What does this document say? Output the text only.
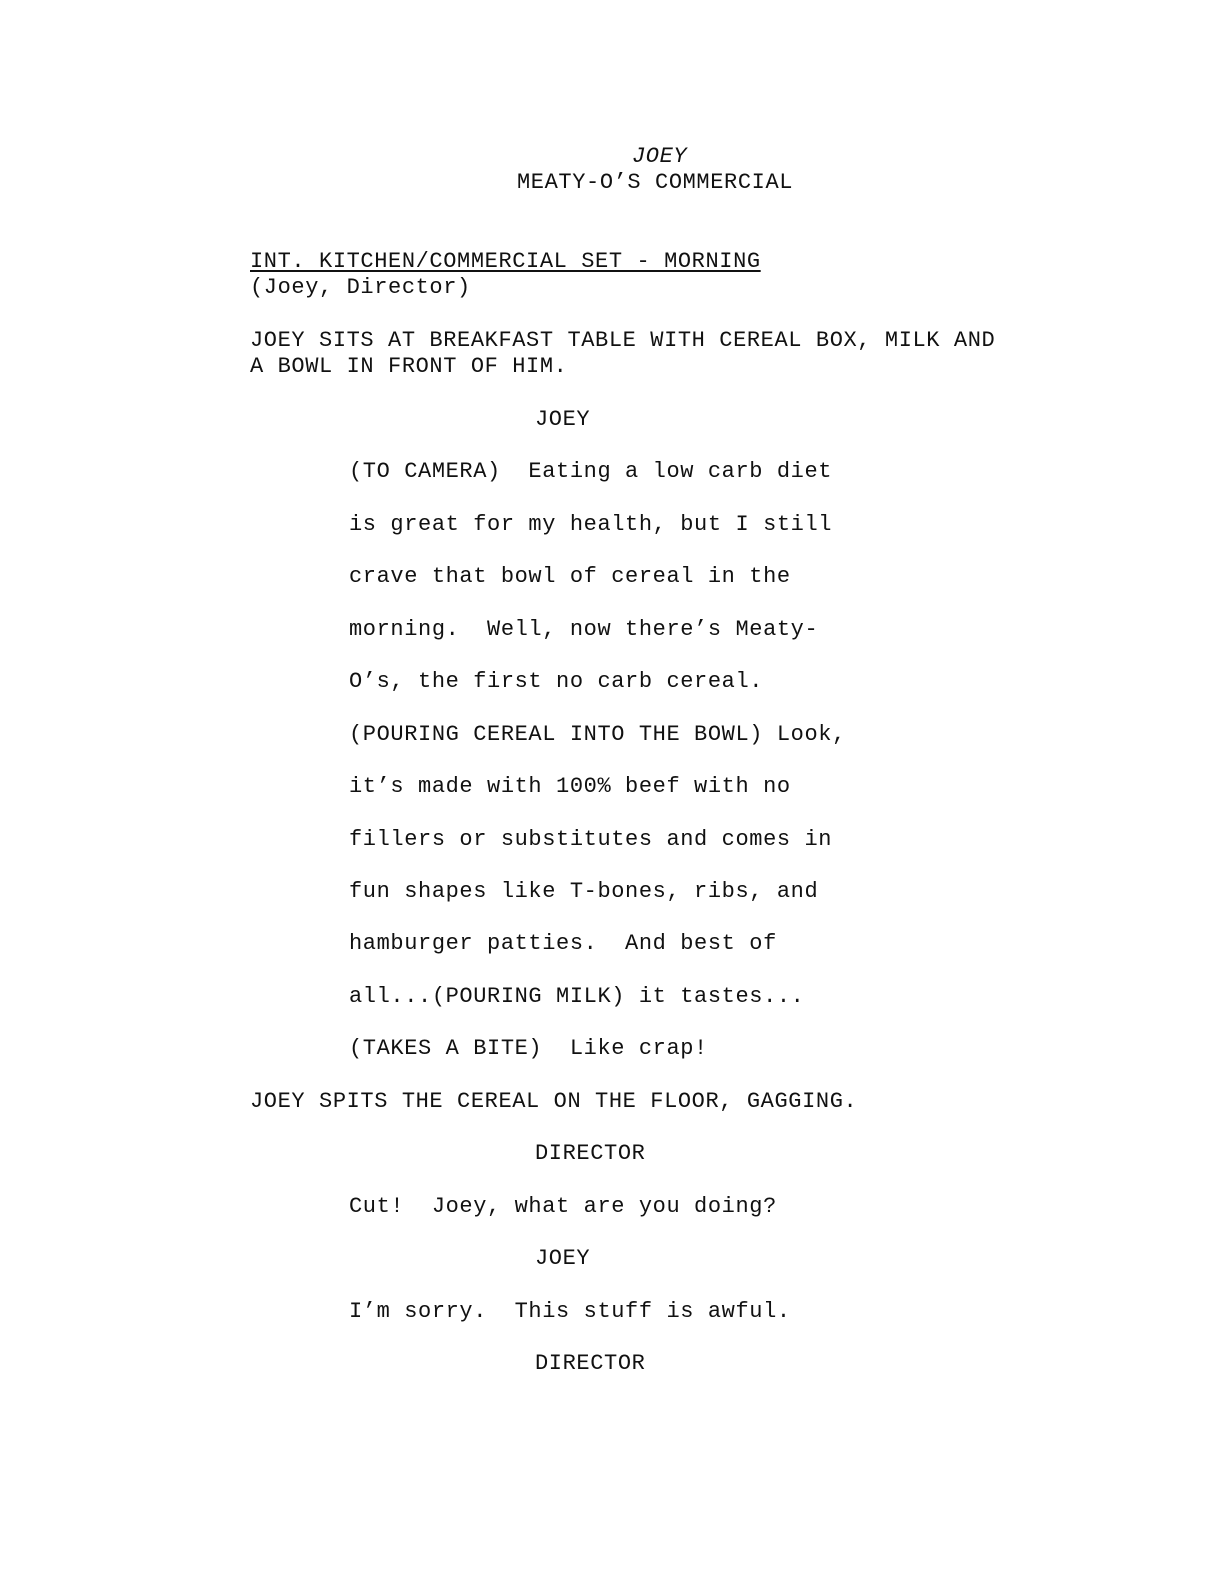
JOEY
MEATY-O’S COMMERCIAL
INT. KITCHEN/COMMERCIAL SET - MORNING
(Joey, Director)
JOEY SITS AT BREAKFAST TABLE WITH CEREAL BOX, MILK AND
A BOWL IN FRONT OF HIM.
JOEY
(TO CAMERA)  Eating a low carb diet
is great for my health, but I still
crave that bowl of cereal in the
morning.  Well, now there’s Meaty-
O’s, the first no carb cereal.
(POURING CEREAL INTO THE BOWL) Look,
it’s made with 100% beef with no
fillers or substitutes and comes in
fun shapes like T-bones, ribs, and
hamburger patties.  And best of
all...(POURING MILK) it tastes...
(TAKES A BITE)  Like crap!
JOEY SPITS THE CEREAL ON THE FLOOR, GAGGING.
DIRECTOR
Cut!  Joey, what are you doing?
JOEY
I’m sorry.  This stuff is awful.
DIRECTOR
